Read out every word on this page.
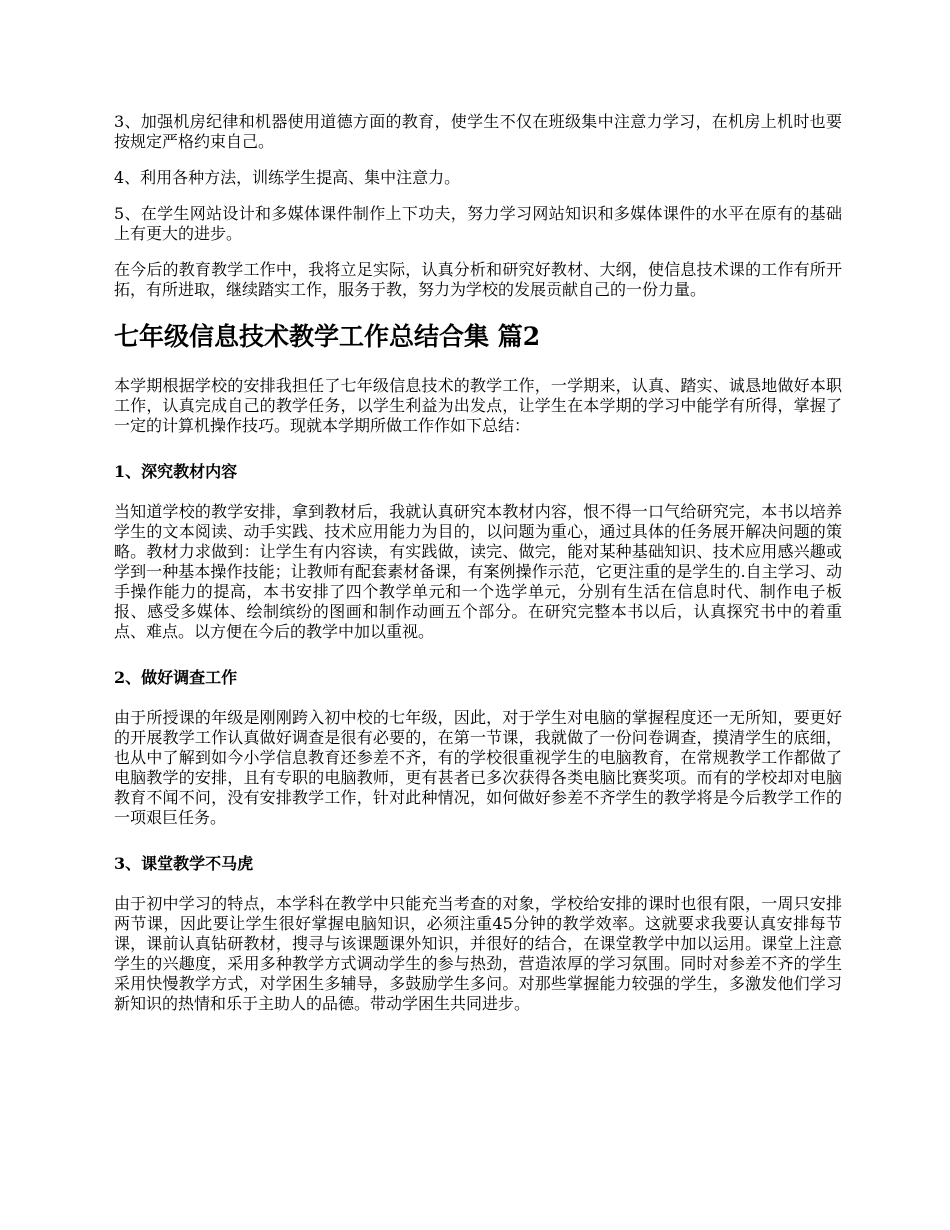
3、加强机房纪律和机器使用道德方面的教育，使学生不仅在班级集中注意力学习，在机房上机时也要按规定严格约束自己。

4、利用各种方法，训练学生提高、集中注意力。

5、在学生网站设计和多媒体课件制作上下功夫，努力学习网站知识和多媒体课件的水平在原有的基础上有更大的进步。

在今后的教育教学工作中，我将立足实际，认真分析和研究好教材、大纲，使信息技术课的工作有所开拓，有所进取，继续踏实工作，服务于教，努力为学校的发展贡献自己的一份力量。

七年级信息技术教学工作总结合集 篇2

本学期根据学校的安排我担任了七年级信息技术的教学工作，一学期来，认真、踏实、诚恳地做好本职工作，认真完成自己的教学任务，以学生利益为出发点，让学生在本学期的学习中能学有所得，掌握了一定的计算机操作技巧。现就本学期所做工作作如下总结：

1、深究教材内容

当知道学校的教学安排，拿到教材后，我就认真研究本教材内容，恨不得一口气给研究完，本书以培养学生的文本阅读、动手实践、技术应用能力为目的，以问题为重心，通过具体的任务展开解决问题的策略。教材力求做到：让学生有内容读，有实践做，读完、做完，能对某种基础知识、技术应用感兴趣或学到一种基本操作技能；让教师有配套素材备课，有案例操作示范，它更注重的是学生的.自主学习、动手操作能力的提高，本书安排了四个教学单元和一个选学单元，分别有生活在信息时代、制作电子板报、感受多媒体、绘制缤纷的图画和制作动画五个部分。在研究完整本书以后，认真探究书中的着重点、难点。以方便在今后的教学中加以重视。

2、做好调查工作

由于所授课的年级是刚刚跨入初中校的七年级，因此，对于学生对电脑的掌握程度还一无所知，要更好的开展教学工作认真做好调查是很有必要的，在第一节课，我就做了一份问卷调查，摸清学生的底细，也从中了解到如今小学信息教育还参差不齐，有的学校很重视学生的电脑教育，在常规教学工作都做了电脑教学的安排，且有专职的电脑教师，更有甚者已多次获得各类电脑比赛奖项。而有的学校却对电脑教育不闻不问，没有安排教学工作，针对此种情况，如何做好参差不齐学生的教学将是今后教学工作的一项艰巨任务。

3、课堂教学不马虎

由于初中学习的特点，本学科在教学中只能充当考查的对象，学校给安排的课时也很有限，一周只安排两节课，因此要让学生很好掌握电脑知识，必须注重45分钟的教学效率。这就要求我要认真安排每节课，课前认真钻研教材，搜寻与该课题课外知识，并很好的结合，在课堂教学中加以运用。课堂上注意学生的兴趣度，采用多种教学方式调动学生的参与热劲，营造浓厚的学习氛围。同时对参差不齐的学生采用快慢教学方式，对学困生多辅导，多鼓励学生多问。对那些掌握能力较强的学生，多激发他们学习新知识的热情和乐于主助人的品德。带动学困生共同进步。
